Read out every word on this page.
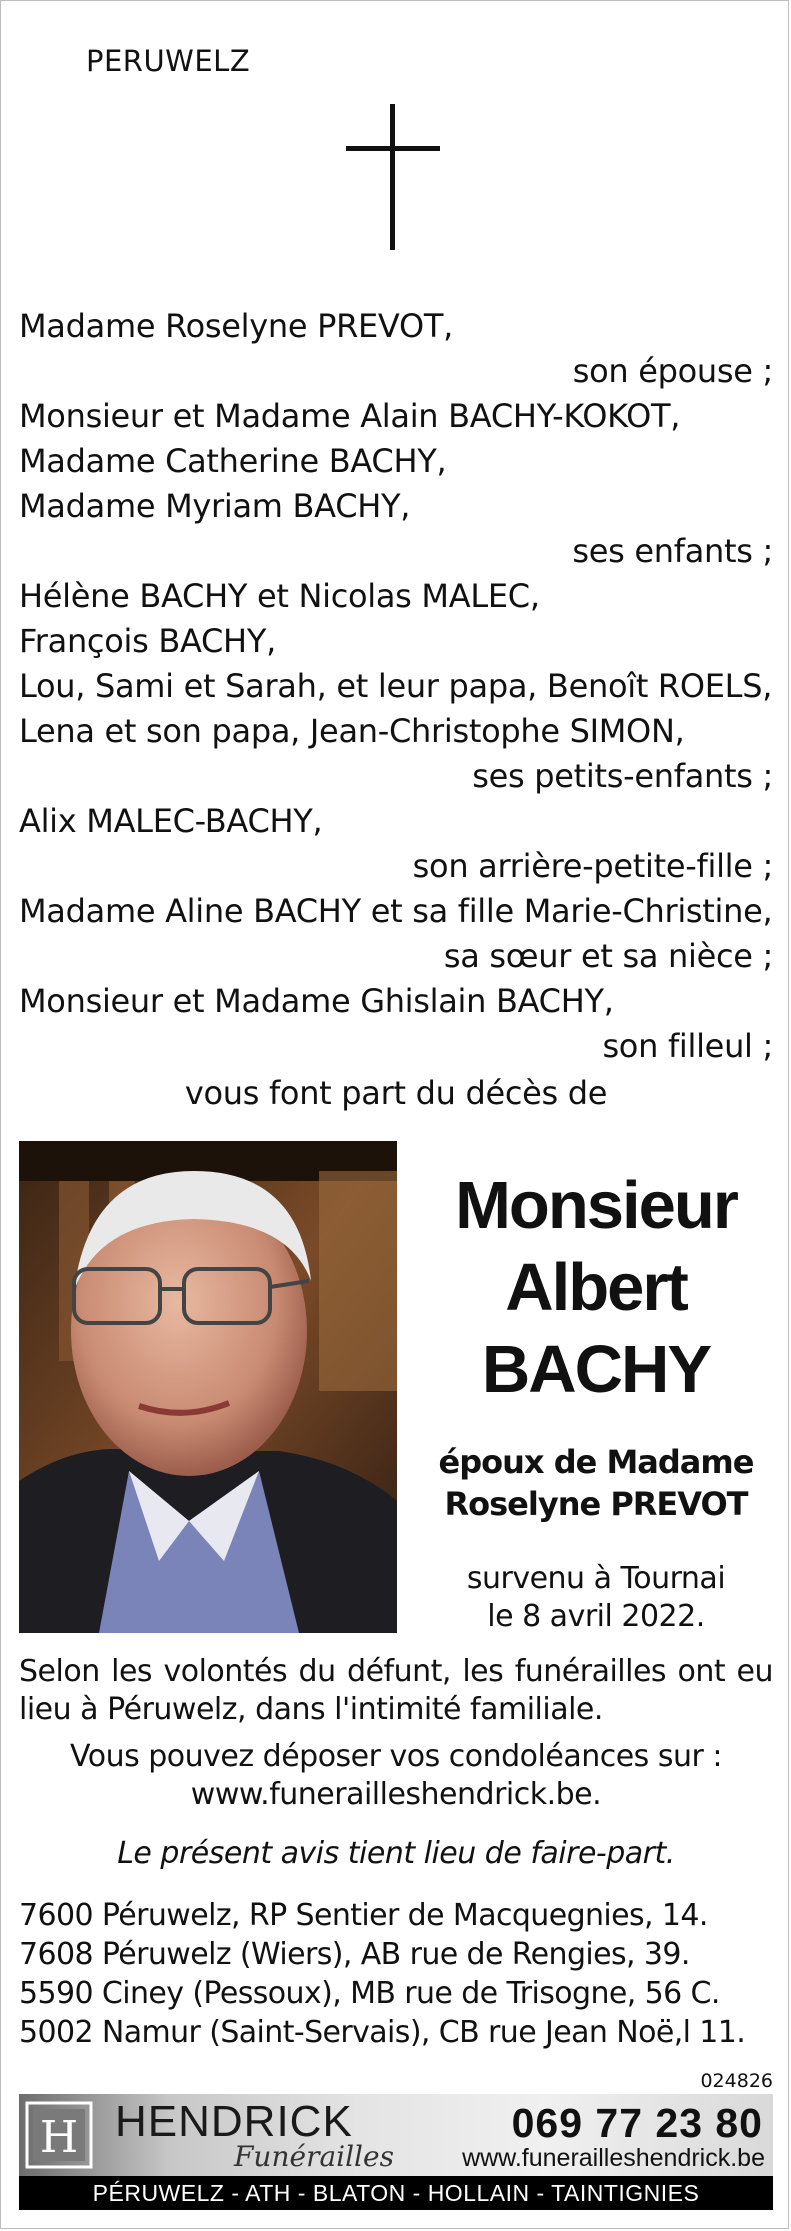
PERUWELZ
Madame Roselyne PREVOT,
son épouse ;
Monsieur et Madame Alain BACHY-KOKOT,
Madame Catherine BACHY,
Madame Myriam BACHY,
ses enfants ;
Hélène BACHY et Nicolas MALEC,
François BACHY,
Lou, Sami et Sarah, et leur papa, Benoît ROELS,
Lena et son papa, Jean-Christophe SIMON,
ses petits-enfants ;
Alix MALEC-BACHY,
son arrière-petite-fille ;
Madame Aline BACHY et sa fille Marie-Christine,
sa sœur et sa nièce ;
Monsieur et Madame Ghislain BACHY,
son filleul ;
vous font part du décès de
Monsieur
Albert
BACHY
époux de Madame
Roselyne PREVOT
survenu à Tournai
le 8 avril 2022.
Selon les volontés du défunt, les funérailles ont eu lieu à Péruwelz, dans l'intimité familiale.
Vous pouvez déposer vos condoléances sur :
www.funerailleshendrick.be.
Le présent avis tient lieu de faire-part.
7600 Péruwelz, RP Sentier de Macquegnies, 14.
7608 Péruwelz (Wiers), AB rue de Rengies, 39.
5590 Ciney (Pessoux), MB rue de Trisogne, 56 C.
5002 Namur (Saint-Servais), CB rue Jean Noë,l 11.
024826
H HENDRICK
Funérailles
069 77 23 80
www.funerailleshendrick.be
PÉRUWELZ - ATH - BLATON - HOLLAIN - TAINTIGNIES
